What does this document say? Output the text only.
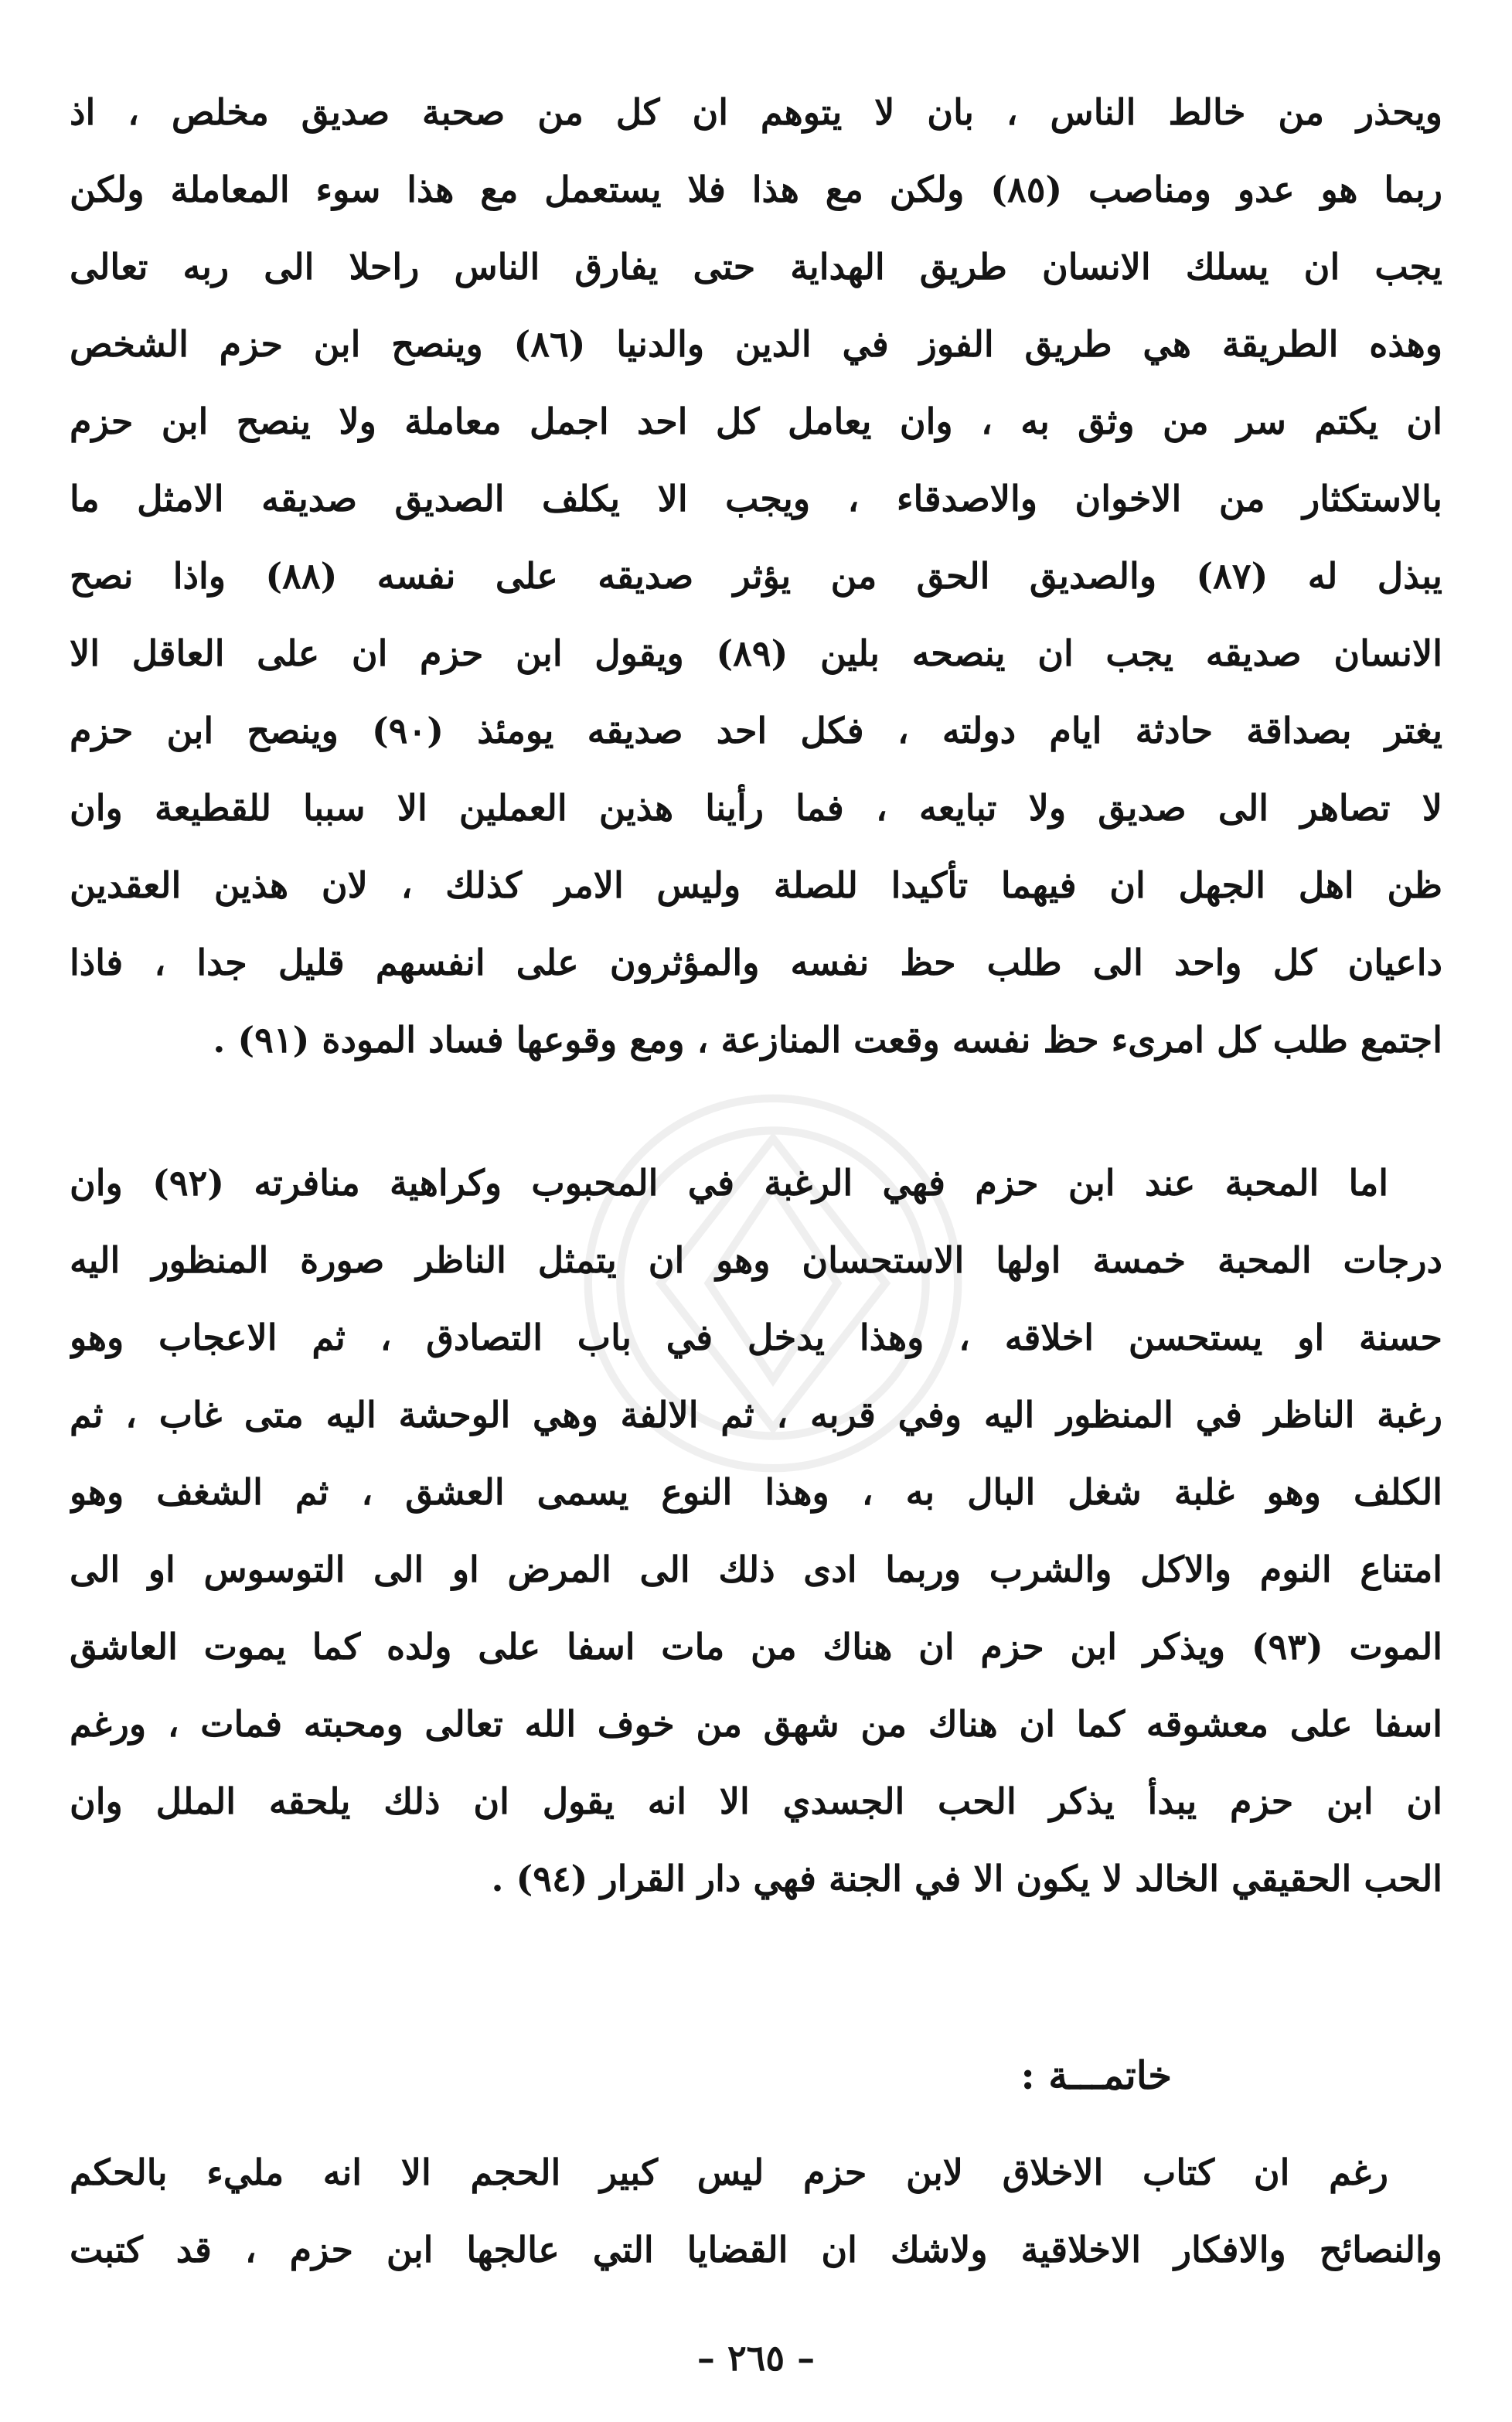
ويحذر من خالط الناس ، بان لا يتوهم ان كل من صحبة صديق مخلص ، اذ
ربما هو عدو ومناصب (٨٥) ولكن مع هذا فلا يستعمل مع هذا سوء المعاملة ولكن
يجب ان يسلك الانسان طريق الهداية حتى يفارق الناس راحلا الى ربه تعالى
وهذه الطريقة هي طريق الفوز في الدين والدنيا (٨٦) وينصح ابن حزم الشخص
ان يكتم سر من وثق به ، وان يعامل كل احد اجمل معاملة ولا ينصح ابن حزم
بالاستكثار من الاخوان والاصدقاء ، ويجب الا يكلف الصديق صديقه الامثل ما
يبذل له (٨٧) والصديق الحق من يؤثر صديقه على نفسه (٨٨) واذا نصح
الانسان صديقه يجب ان ينصحه بلين (٨٩) ويقول ابن حزم ان على العاقل الا
يغتر بصداقة حادثة ايام دولته ، فكل احد صديقه يومئذ (٩٠) وينصح ابن حزم
لا تصاهر الى صديق ولا تبايعه ، فما رأينا هذين العملين الا سببا للقطيعة وان
ظن اهل الجهل ان فيهما تأكيدا للصلة وليس الامر كذلك ، لان هذين العقدين
داعيان كل واحد الى طلب حظ نفسه والمؤثرون على انفسهم قليل جدا ، فاذا
اجتمع طلب كل امرىء حظ نفسه وقعت المنازعة ، ومع وقوعها فساد المودة (٩١) .
اما المحبة عند ابن حزم فهي الرغبة في المحبوب وكراهية منافرته (٩٢) وان
درجات المحبة خمسة اولها الاستحسان وهو ان يتمثل الناظر صورة المنظور اليه
حسنة او يستحسن اخلاقه ، وهذا يدخل في باب التصادق ، ثم الاعجاب وهو
رغبة الناظر في المنظور اليه وفي قربه ، ثم الالفة وهي الوحشة اليه متى غاب ، ثم
الكلف وهو غلبة شغل البال به ، وهذا النوع يسمى العشق ، ثم الشغف وهو
امتناع النوم والاكل والشرب وربما ادى ذلك الى المرض او الى التوسوس او الى
الموت (٩٣) ويذكر ابن حزم ان هناك من مات اسفا على ولده كما يموت العاشق
اسفا على معشوقه كما ان هناك من شهق من خوف الله تعالى ومحبته فمات ، ورغم
ان ابن حزم يبدأ يذكر الحب الجسدي الا انه يقول ان ذلك يلحقه الملل وان
الحب الحقيقي الخالد لا يكون الا في الجنة فهي دار القرار (٩٤) .
خاتمـــة :
رغم ان كتاب الاخلاق لابن حزم ليس كبير الحجم الا انه مليء بالحكم
والنصائح والافكار الاخلاقية ولاشك ان القضايا التي عالجها ابن حزم ، قد كتبت
– ٢٦٥ –
